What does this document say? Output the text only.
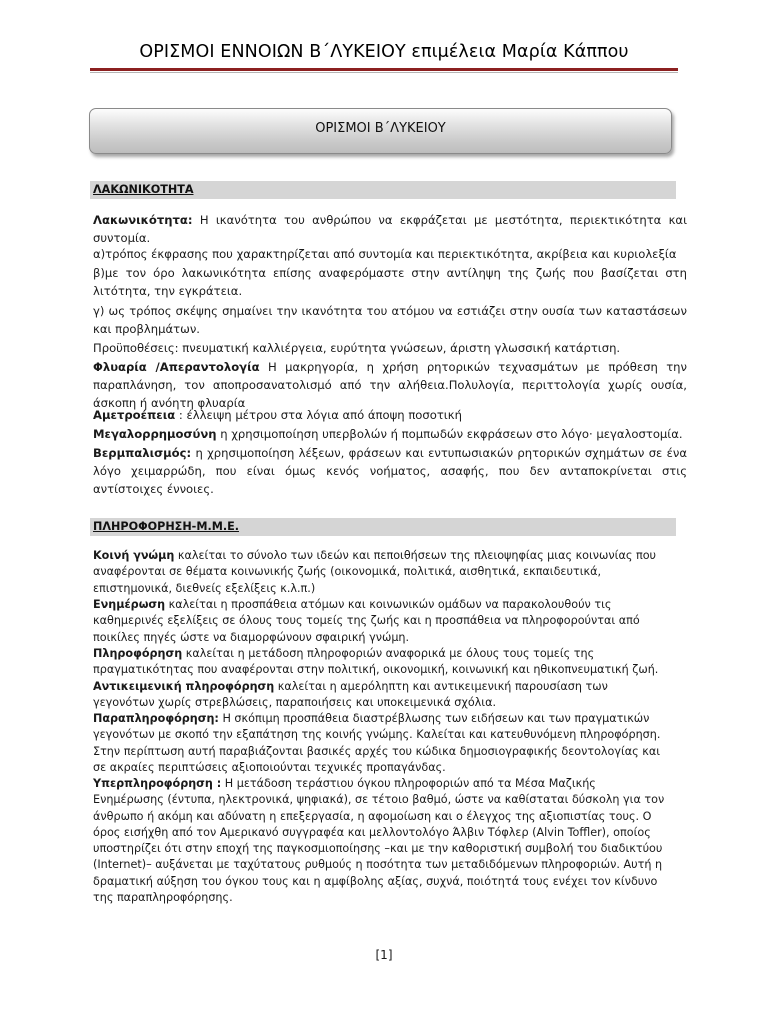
ΟΡΙΣΜΟΙ ΕΝΝΟΙΩΝ Β΄ΛΥΚΕΙΟΥ επιμέλεια Μαρία Κάππου
ΟΡΙΣΜΟΙ Β΄ΛΥΚΕΙΟΥ
ΛΑΚΩΝΙΚΟΤΗΤΑ

Λακωνικότητα: Η ικανότητα του ανθρώπου να εκφράζεται με μεστότητα, περιεκτικότητα και συντομία.

α)τρόπος έκφρασης που χαρακτηρίζεται από συντομία και περιεκτικότητα, ακρίβεια και κυριολεξία

β)με τον όρο λακωνικότητα επίσης αναφερόμαστε στην αντίληψη της ζωής που βασίζεται στη λιτότητα, την εγκράτεια.

γ) ως τρόπος σκέψης σημαίνει την ικανότητα του ατόμου να εστιάζει στην ουσία των καταστάσεων και προβλημάτων.

Προϋποθέσεις: πνευματική καλλιέργεια, ευρύτητα γνώσεων, άριστη γλωσσική κατάρτιση.

Φλυαρία /Απεραντολογία Η μακρηγορία, η χρήση ρητορικών τεχνασμάτων με πρόθεση την παραπλάνηση, τον αποπροσανατολισμό από την αλήθεια.Πολυλογία, περιττολογία χωρίς ουσία, άσκοπη ή ανόητη φλυαρία

Αμετροέπεια : έλλειψη μέτρου στα λόγια από άποψη ποσοτική

Μεγαλορρημοσύνη η χρησιμοποίηση υπερβολών ή πομπωδών εκφράσεων στο λόγο· μεγαλοστομία.

Βερμπαλισμός: η χρησιμοποίηση λέξεων, φράσεων και εντυπωσιακών ρητορικών σχημάτων σε ένα λόγο χειμαρρώδη, που είναι όμως κενός νοήματος, ασαφής, που δεν ανταποκρίνεται στις αντίστοιχες έννοιες.

ΠΛΗΡΟΦΟΡΗΣΗ-Μ.Μ.Ε.

Κοινή γνώμη καλείται το σύνολο των ιδεών και πεποιθήσεων της πλειοψηφίας μιας κοινωνίας που αναφέρονται σε θέματα κοινωνικής ζωής (οικονομικά, πολιτικά, αισθητικά, εκπαιδευτικά, επιστημονικά, διεθνείς εξελίξεις κ.λ.π.)

Ενημέρωση καλείται η προσπάθεια ατόμων και κοινωνικών ομάδων να παρακολουθούν τις καθημερινές εξελίξεις σε όλους τους τομείς της ζωής και η προσπάθεια να πληροφορούνται από ποικίλες πηγές ώστε να διαμορφώνουν σφαιρική γνώμη.

Πληροφόρηση καλείται η μετάδοση πληροφοριών αναφορικά με όλους τους τομείς της πραγματικότητας που αναφέρονται στην πολιτική, οικονομική, κοινωνική και ηθικοπνευματική ζωή.

Αντικειμενική πληροφόρηση καλείται η αμερόληπτη και αντικειμενική παρουσίαση των γεγονότων χωρίς στρεβλώσεις, παραποιήσεις και υποκειμενικά σχόλια.

Παραπληροφόρηση: Η σκόπιμη προσπάθεια διαστρέβλωσης των ειδήσεων και των πραγματικών γεγονότων με σκοπό την εξαπάτηση της κοινής γνώμης. Καλείται και κατευθυνόμενη πληροφόρηση. Στην περίπτωση αυτή παραβιάζονται βασικές αρχές του κώδικα δημοσιογραφικής δεοντολογίας και σε ακραίες περιπτώσεις αξιοποιούνται τεχνικές προπαγάνδας.

Υπερπληροφόρηση : Η μετάδοση τεράστιου όγκου πληροφοριών από τα Μέσα Μαζικής Ενημέρωσης (έντυπα, ηλεκτρονικά, ψηφιακά), σε τέτοιο βαθμό, ώστε να καθίσταται δύσκολη για τον άνθρωπο ή ακόμη και αδύνατη η επεξεργασία, η αφομοίωση και ο έλεγχος της αξιοπιστίας τους. Ο όρος εισήχθη από τον Αμερικανό συγγραφέα και μελλοντολόγο Άλβιν Τόφλερ (Alvin Toffler), οποίος υποστηρίζει ότι στην εποχή της παγκοσμιοποίησης –και με την καθοριστική συμβολή του διαδικτύου (Internet)– αυξάνεται με ταχύτατους ρυθμούς η ποσότητα των μεταδιδόμενων πληροφοριών. Αυτή η δραματική αύξηση του όγκου τους και η αμφίβολης αξίας, συχνά, ποιότητά τους ενέχει τον κίνδυνο της παραπληροφόρησης.

[1]
